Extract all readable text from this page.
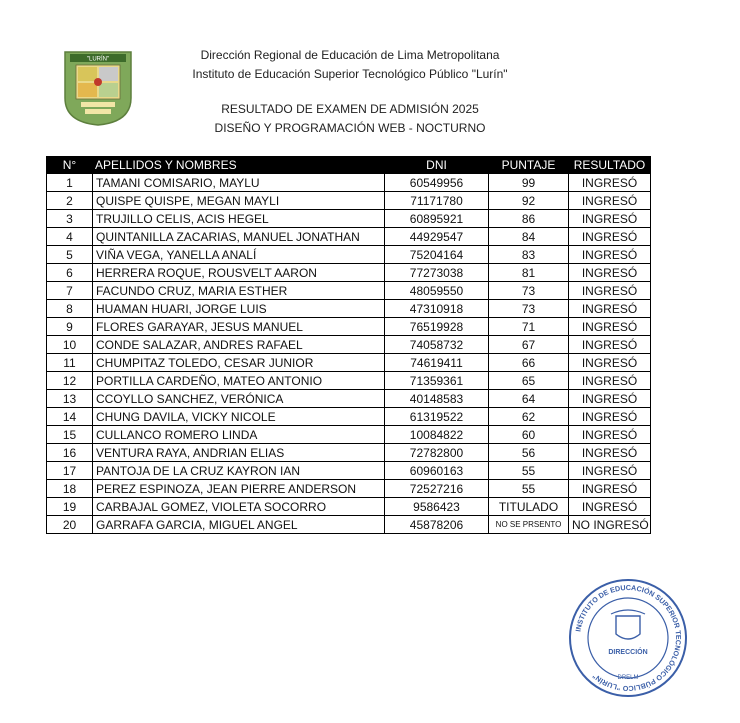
"LURÍN"	Dirección Regional de Educación de Lima Metropolitana
Instituto de Educación Superior Tecnológico Público "Lurín"
RESULTADO DE EXAMEN DE ADMISIÓN 2025
DISEÑO Y PROGRAMACIÓN WEB - NOCTURNO
N°	APELLIDOS Y NOMBRES	DNI	PUNTAJE	RESULTADO
1	TAMANI COMISARIO, MAYLU	60549956	99	INGRESÓ
2	QUISPE QUISPE, MEGAN MAYLI	71171780	92	INGRESÓ
3	TRUJILLO CELIS, ACIS HEGEL	60895921	86	INGRESÓ
4	QUINTANILLA ZACARIAS, MANUEL JONATHAN	44929547	84	INGRESÓ
5	VIÑA VEGA, YANELLA ANALÍ	75204164	83	INGRESÓ
6	HERRERA ROQUE, ROUSVELT AARON	77273038	81	INGRESÓ
7	FACUNDO CRUZ, MARIA ESTHER	48059550	73	INGRESÓ
8	HUAMAN HUARI, JORGE LUIS	47310918	73	INGRESÓ
9	FLORES GARAYAR, JESUS MANUEL	76519928	71	INGRESÓ
10	CONDE SALAZAR, ANDRES RAFAEL	74058732	67	INGRESÓ
11	CHUMPITAZ TOLEDO, CESAR JUNIOR	74619411	66	INGRESÓ
12	PORTILLA CARDEÑO, MATEO ANTONIO	71359361	65	INGRESÓ
13	CCOYLLO SANCHEZ, VERÓNICA	40148583	64	INGRESÓ
14	CHUNG DAVILA, VICKY NICOLE	61319522	62	INGRESÓ
15	CULLANCO ROMERO LINDA	10084822	60	INGRESÓ
16	VENTURA RAYA, ANDRIAN ELIAS	72782800	56	INGRESÓ
17	PANTOJA DE LA CRUZ KAYRON IAN	60960163	55	INGRESÓ
18	PEREZ ESPINOZA, JEAN PIERRE ANDERSON	72527216	55	INGRESÓ
19	CARBAJAL GOMEZ, VIOLETA SOCORRO	9586423	TITULADO	INGRESÓ
20	GARRAFA GARCIA, MIGUEL ANGEL	45878206	NO SE PRSENTO	NO INGRESÓ
INSTITUTO DE EDUCACIÓN SUPERIOR TECNOLÓGICO PÚBLICO "LURÍN"
DIRECCIÓN
DRELM
